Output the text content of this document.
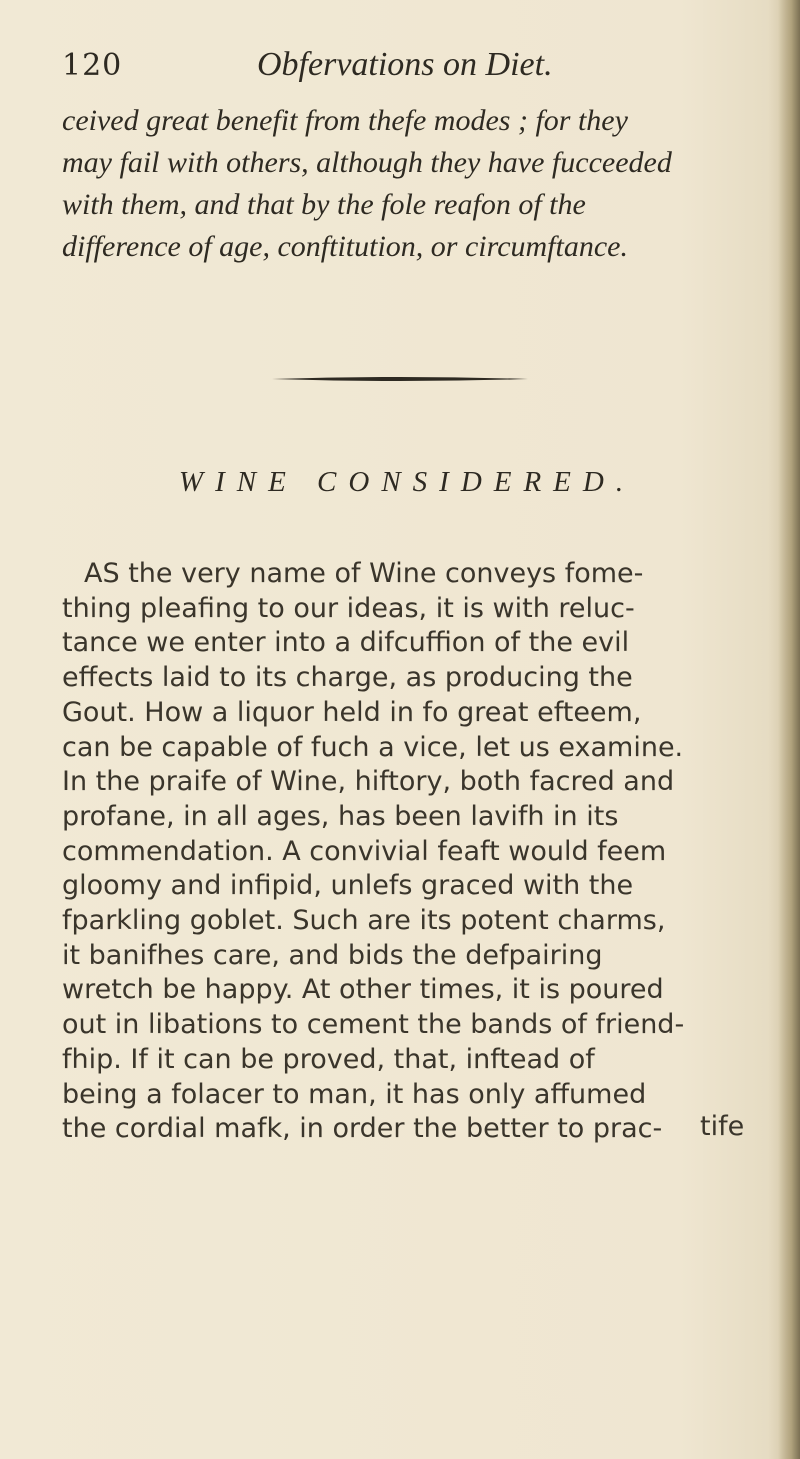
120	Obfervations on Diet.
ceived great benefit from thefe modes ; for they
may fail with others, although they have fucceeded
with them, and that by the fole reafon of the
difference of age, conftitution, or circumftance.
WINE CONSIDERED.
AS the very name of Wine conveys fome-
thing pleafing to our ideas, it is with reluc-
tance we enter into a difcuffion of the evil
effects laid to its charge, as producing the
Gout. How a liquor held in fo great efteem,
can be capable of fuch a vice, let us examine.
In the praife of Wine, hiftory, both facred and
profane, in all ages, has been lavifh in its
commendation. A convivial feaft would feem
gloomy and infipid, unlefs graced with the
fparkling goblet. Such are its potent charms,
it banifhes care, and bids the defpairing
wretch be happy. At other times, it is poured
out in libations to cement the bands of friend-
fhip. If it can be proved, that, inftead of
being a folacer to man, it has only affumed
the cordial mafk, in order the better to prac-	tife
